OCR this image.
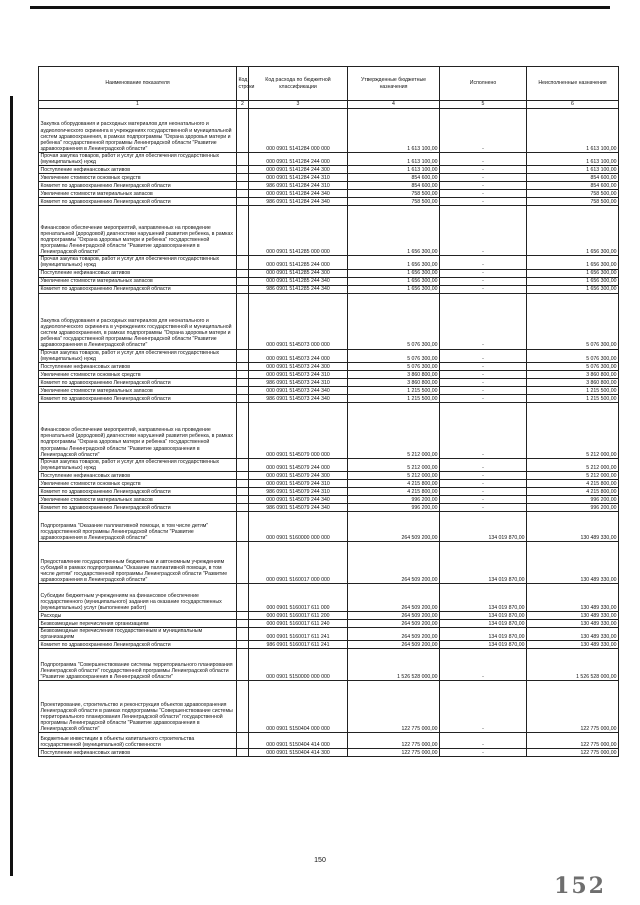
Наименование показателя	Код строки	Код расхода по бюджетной классификации	Утвержденные бюджетные назначения	Исполнено	Неисполненные назначения
1	2	3	4	5	6
Закупка оборудования и расходных материалов для неонатального и аудиологического скрининга в учреждениях государственной и муниципальной систем здравоохранения, в рамках подпрограммы "Охрана здоровья матери и ребенка" государственной программы Ленинградской области "Развитие здравоохранения в Ленинградской области"		000 0901 5141284 000 000	1 613 100,00	-	1 613 100,00
Прочая закупка товаров, работ и услуг для обеспечения государственных (муниципальных) нужд		000 0901 5141284 244 000	1 613 100,00	-	1 613 100,00
Поступление нефинансовых активов		000 0901 5141284 244 300	1 613 100,00	-	1 613 100,00
Увеличение стоимости основных средств		000 0901 5141284 244 310	854 600,00	-	854 600,00
Комитет по здравоохранению Ленинградской области		986 0901 5141284 244 310	854 600,00	-	854 600,00
Увеличение стоимости материальных запасов		000 0901 5141284 244 340	758 500,00	-	758 500,00
Комитет по здравоохранению Ленинградской области		986 0901 5141284 244 340	758 500,00	-	758 500,00
Финансовое обеспечение мероприятий, направленных на проведение пренатальной (дородовой) диагностики нарушений развития ребенка, в рамках подпрограммы "Охрана здоровья матери и ребенка" государственной программы Ленинградской области "Развитие здравоохранения в Ленинградской области"		000 0901 5141285 000 000	1 656 300,00	-	1 656 300,00
Прочая закупка товаров, работ и услуг для обеспечения государственных (муниципальных) нужд		000 0901 5141285 244 000	1 656 300,00	-	1 656 300,00
Поступление нефинансовых активов		000 0901 5141285 244 300	1 656 300,00	-	1 656 300,00
Увеличение стоимости материальных запасов		000 0901 5141285 244 340	1 656 300,00	-	1 656 300,00
Комитет по здравоохранению Ленинградской области		986 0901 5141285 244 340	1 656 300,00	-	1 656 300,00
Закупка оборудования и расходных материалов для неонатального и аудиологического скрининга в учреждениях государственной и муниципальной систем здравоохранения, в рамках подпрограммы "Охрана здоровья матери и ребенка" государственной программы Ленинградской области "Развитие здравоохранения в Ленинградской области"		000 0901 5145073 000 000	5 076 300,00	-	5 076 300,00
Прочая закупка товаров, работ и услуг для обеспечения государственных (муниципальных) нужд		000 0901 5145073 244 000	5 076 300,00	-	5 076 300,00
Поступление нефинансовых активов		000 0901 5145073 244 300	5 076 300,00	-	5 076 300,00
Увеличение стоимости основных средств		000 0901 5145073 244 310	3 860 800,00	-	3 860 800,00
Комитет по здравоохранению Ленинградской области		986 0901 5145073 244 310	3 860 800,00	-	3 860 800,00
Увеличение стоимости материальных запасов		000 0901 5145073 244 340	1 215 500,00	-	1 215 500,00
Комитет по здравоохранению Ленинградской области		986 0901 5145073 244 340	1 215 500,00	-	1 215 500,00
Финансовое обеспечение мероприятий, направленных на проведение пренатальной (дородовой) диагностики нарушений развития ребенка, в рамках подпрограммы "Охрана здоровья матери и ребенка" государственной программы Ленинградской области "Развитие здравоохранения в Ленинградской области"		000 0901 5145079 000 000	5 212 000,00	-	5 212 000,00
Прочая закупка товаров, работ и услуг для обеспечения государственных (муниципальных) нужд		000 0901 5145079 244 000	5 212 000,00	-	5 212 000,00
Поступление нефинансовых активов		000 0901 5145079 244 300	5 212 000,00	-	5 212 000,00
Увеличение стоимости основных средств		000 0901 5145079 244 310	4 215 800,00	-	4 215 800,00
Комитет по здравоохранению Ленинградской области		986 0901 5145079 244 310	4 215 800,00	-	4 215 800,00
Увеличение стоимости материальных запасов		000 0901 5145079 244 340	996 200,00	-	996 200,00
Комитет по здравоохранению Ленинградской области		986 0901 5145079 244 340	996 200,00	-	996 200,00
Подпрограмма "Оказание паллиативной помощи, в том числе детям" государственной программы Ленинградской области "Развитие здравоохранения в Ленинградской области"		000 0901 5160000 000 000	264 509 200,00	134 019 870,00	130 489 330,00
Предоставление государственным бюджетным и автономным учреждениям субсидий в рамках подпрограммы "Оказание паллиативной помощи, в том числе детям" государственной программы Ленинградской области "Развитие здравоохранения в Ленинградской области"		000 0901 5160017 000 000	264 509 200,00	134 019 870,00	130 489 330,00
Субсидии бюджетным учреждениям на финансовое обеспечение государственного (муниципального) задания на оказание государственных (муниципальных) услуг (выполнение работ)		000 0901 5160017 611 000	264 509 200,00	134 019 870,00	130 489 330,00
Расходы		000 0901 5160017 611 200	264 509 200,00	134 019 870,00	130 489 330,00
Безвозмездные перечисления организациям		000 0901 5160017 611 240	264 509 200,00	134 019 870,00	130 489 330,00
Безвозмездные перечисления государственным и муниципальным организациям		000 0901 5160017 611 241	264 509 200,00	134 019 870,00	130 489 330,00
Комитет по здравоохранению Ленинградской области		986 0901 5160017 611 241	264 509 200,00	134 019 870,00	130 489 330,00
Подпрограмма "Совершенствование системы территориального планирования Ленинградской области" государственной программы Ленинградской области "Развитие здравоохранения в Ленинградской области"		000 0901 5150000 000 000	1 526 528 000,00	-	1 526 528 000,00
Проектирование, строительство и реконструкция объектов здравоохранения Ленинградской области в рамках подпрограммы "Совершенствование системы территориального планирования Ленинградской области" государственной программы Ленинградской области "Развитие здравоохранения в Ленинградской области"		000 0901 5150404 000 000	122 775 000,00	-	122 775 000,00
Бюджетные инвестиции в объекты капитального строительства государственной (муниципальной) собственности		000 0901 5150404 414 000	122 775 000,00	-	122 775 000,00
Поступление нефинансовых активов		000 0901 5150404 414 300	122 775 000,00	-	122 775 000,00
150
152
